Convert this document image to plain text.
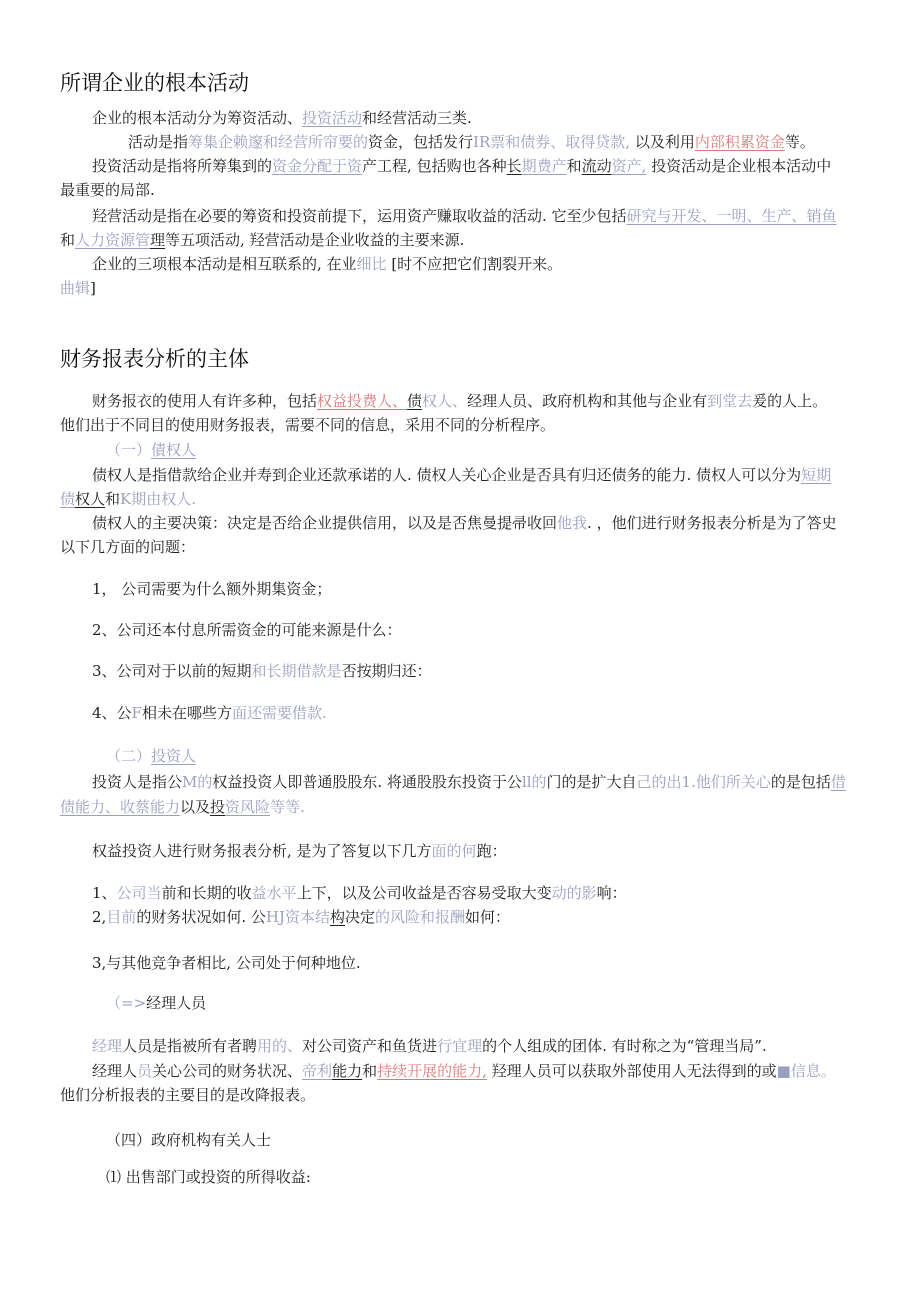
所谓企业的根本活动

企业的根本活动分为筹资活动、投资活动和经营活动三类.

活动是指筹集企赖邃和经营所帘要的资金，包括发行IR票和债券、取得贷款, 以及利用内部积累资金等。

投资活动是指将所筹集到的资金分配于资产工程, 包括购也各种长期费产和流动资产, 投资活动是企业根本活动中

最重要的局部.

羟营活动是指在必要的筹资和投资前提下，运用资产赚取收益的活动. 它至少包括研究与开发、一明、生产、销鱼

和人力资源管理等五项活动, 羟营活动是企业收益的主要来源.

企业的三项根本活动是相互联系的, 在业细比 [时不应把它们割裂开来。

曲辑]

财务报表分析的主体

财务报衣的使用人有许多种，包括权益投费人、债权人、经理人员、政府机构和其他与企业有到堂去爰的人上。

他们出于不同目的使用财务报表，需要不同的信息，采用不同的分析程序。

（一）債权人

债权人是指借款给企业并寿到企业还款承诺的人. 债权人关心企业是否具有归还债务的能力. 债权人可以分为短期

债权人和K期由权人.

债权人的主要决策：决定是否给企业提供信用，以及是否焦曼提帚收回他我. ，他们进行财务报表分析是为了答史

以下几方面的问题：

1， 公司需要为什么额外期集资金；

2、公司还本付息所需资金的可能来源是什么：

3、公司对于以前的短期和长期借款是否按期归还：

4、公F相未在哪些方面还需要借款.

（二）投资人

投资人是指公M的权益投资人即普通股股东. 将通股股东投资于公ll的门的是扩大自己的出1.他们所关心的是包括借

债能力、收蔡能力以及投资风险等等.

权益投资人进行财务报表分析, 是为了答复以下几方面的何跑：

1、公司当前和长期的收益水平上下，以及公司收益是否容易受取大变动的影响：

2,目前的财务状况如何. 公HJ资本结构决定的风险和报酬如何：

3,与其他竞争者相比, 公司处于何种地位.

（=>经理人员

经理人员是指被所有者聘用的、对公司资产和鱼货进行宜理的个人组成的团体. 有时称之为“管理当局”.

经理人员关心公司的财务状况、帝利能力和持续开展的能力, 羟理人员可以获取外部使用人无法得到的或■信息。

他们分析报表的主要目的是改降报表。

（四）政府机构有关人士

⑴ 出售部门或投资的所得收益:
